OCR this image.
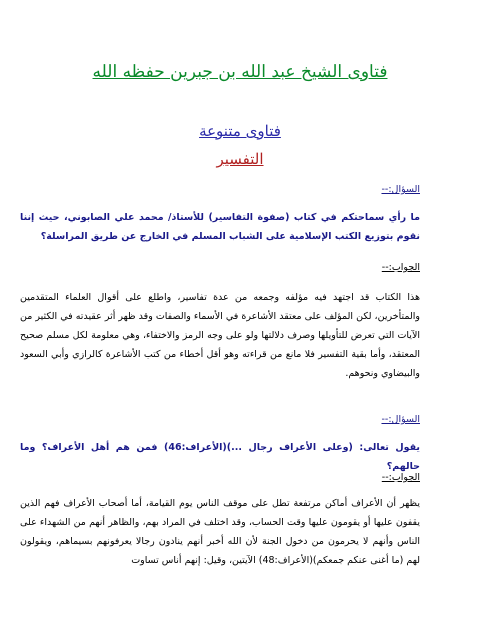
فتاوى الشيخ عبد الله بن جبرين حفظه الله
فتاوى متنوعة
التفسير
السؤال:--
ما رأي سماحتكم في كتاب (صفوة التفاسير) للأستاذ/ محمد علي الصابوني، حيث إننا نقوم بتوزيع الكتب الإسلامية على الشباب المسلم في الخارج عن طريق المراسلة؟
الجواب:--
هذا الكتاب قد اجتهد فيه مؤلفه وجمعه من عدة تفاسير، واطلع على أقوال العلماء المتقدمين والمتأخرين، لكن المؤلف على معتقد الأشاعرة في الأسماء والصفات وقد ظهر أثر عقيدته في الكثير من الآيات التي تعرض للتأويلها وصرف دلالتها ولو على وجه الرمز والاختفاء، وهي معلومة لكل مسلم صحيح المعتقد، وأما بقية التفسير فلا مانع من قراءته وهو أقل أخطاء من كتب الأشاعرة كالرازي وأبي السعود والبيضاوي ونحوهم.
السؤال:--
يقول تعالى: (وعلى الأعراف رجال ...)(الأعراف:46) فمن هم أهل الأعراف؟ وما حالهم؟
الجواب:--
يظهر أن الأعراف أماكن مرتفعة تطل على موقف الناس يوم القيامة، أما أصحاب الأعراف فهم الذين يقفون عليها أو يقومون عليها وقت الحساب، وقد اختلف في المراد بهم، والظاهر أنهم من الشهداء على الناس وأنهم لا يحرمون من دخول الجنة لأن الله أخبر أنهم ينادون رجالا يعرفونهم بسيماهم، ويقولون لهم (ما أغنى عنكم جمعكم)(الأعراف:48) الآيتين، وقيل: إنهم أناس تساوت
